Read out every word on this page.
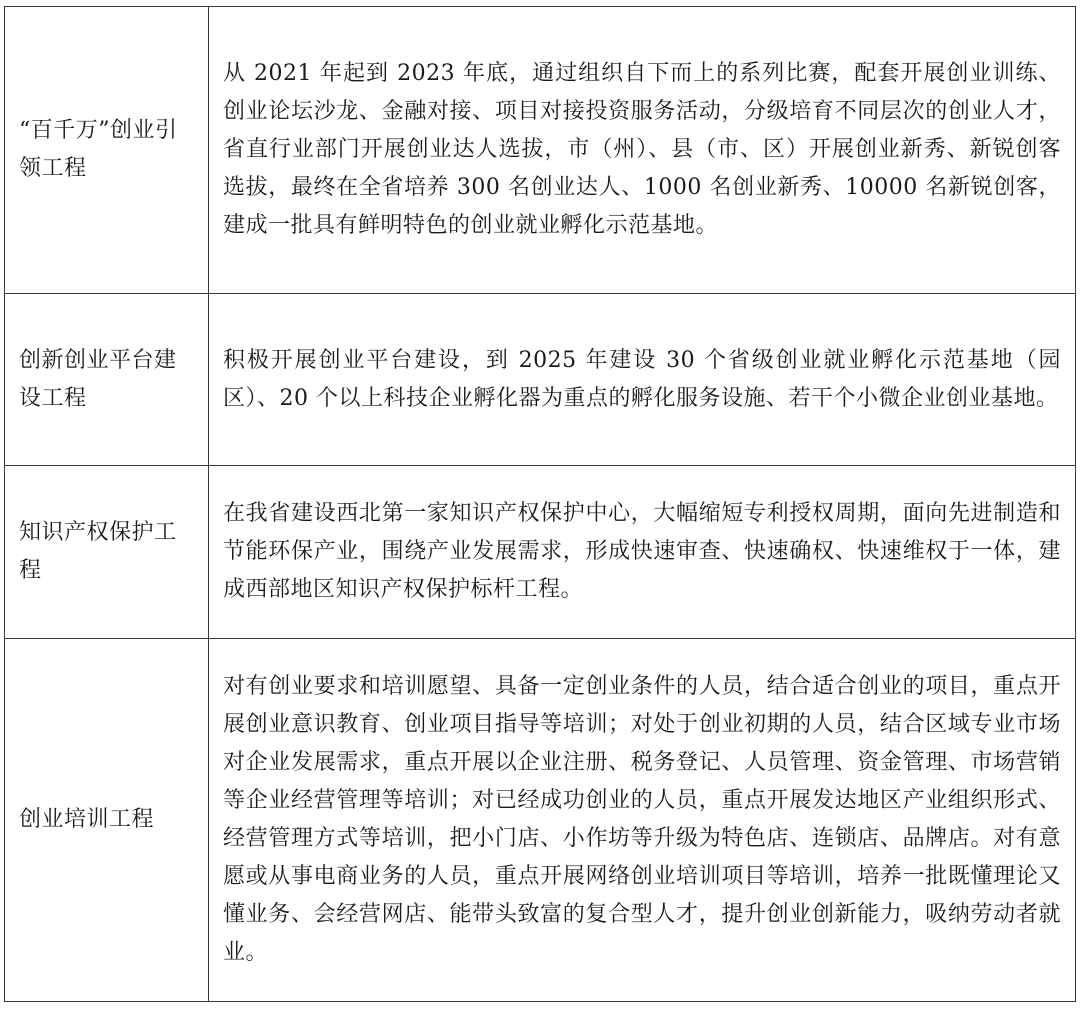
“百千万”创业引领工程	从 2021 年起到 2023 年底，通过组织自下而上的系列比赛，配套开展创业训练、创业论坛沙龙、金融对接、项目对接投资服务活动，分级培育不同层次的创业人才，省直行业部门开展创业达人选拔，市（州）、县（市、区）开展创业新秀、新锐创客选拔，最终在全省培养 300 名创业达人、1000 名创业新秀、10000 名新锐创客，建成一批具有鲜明特色的创业就业孵化示范基地。
创新创业平台建设工程	积极开展创业平台建设，到 2025 年建设 30 个省级创业就业孵化示范基地（园区）、20 个以上科技企业孵化器为重点的孵化服务设施、若干个小微企业创业基地。
知识产权保护工程	在我省建设西北第一家知识产权保护中心，大幅缩短专利授权周期，面向先进制造和节能环保产业，围绕产业发展需求，形成快速审查、快速确权、快速维权于一体，建成西部地区知识产权保护标杆工程。
创业培训工程	对有创业要求和培训愿望、具备一定创业条件的人员，结合适合创业的项目，重点开展创业意识教育、创业项目指导等培训；对处于创业初期的人员，结合区域专业市场对企业发展需求，重点开展以企业注册、税务登记、人员管理、资金管理、市场营销等企业经营管理等培训；对已经成功创业的人员，重点开展发达地区产业组织形式、经营管理方式等培训，把小门店、小作坊等升级为特色店、连锁店、品牌店。对有意愿或从事电商业务的人员，重点开展网络创业培训项目等培训，培养一批既懂理论又懂业务、会经营网店、能带头致富的复合型人才，提升创业创新能力，吸纳劳动者就业。
